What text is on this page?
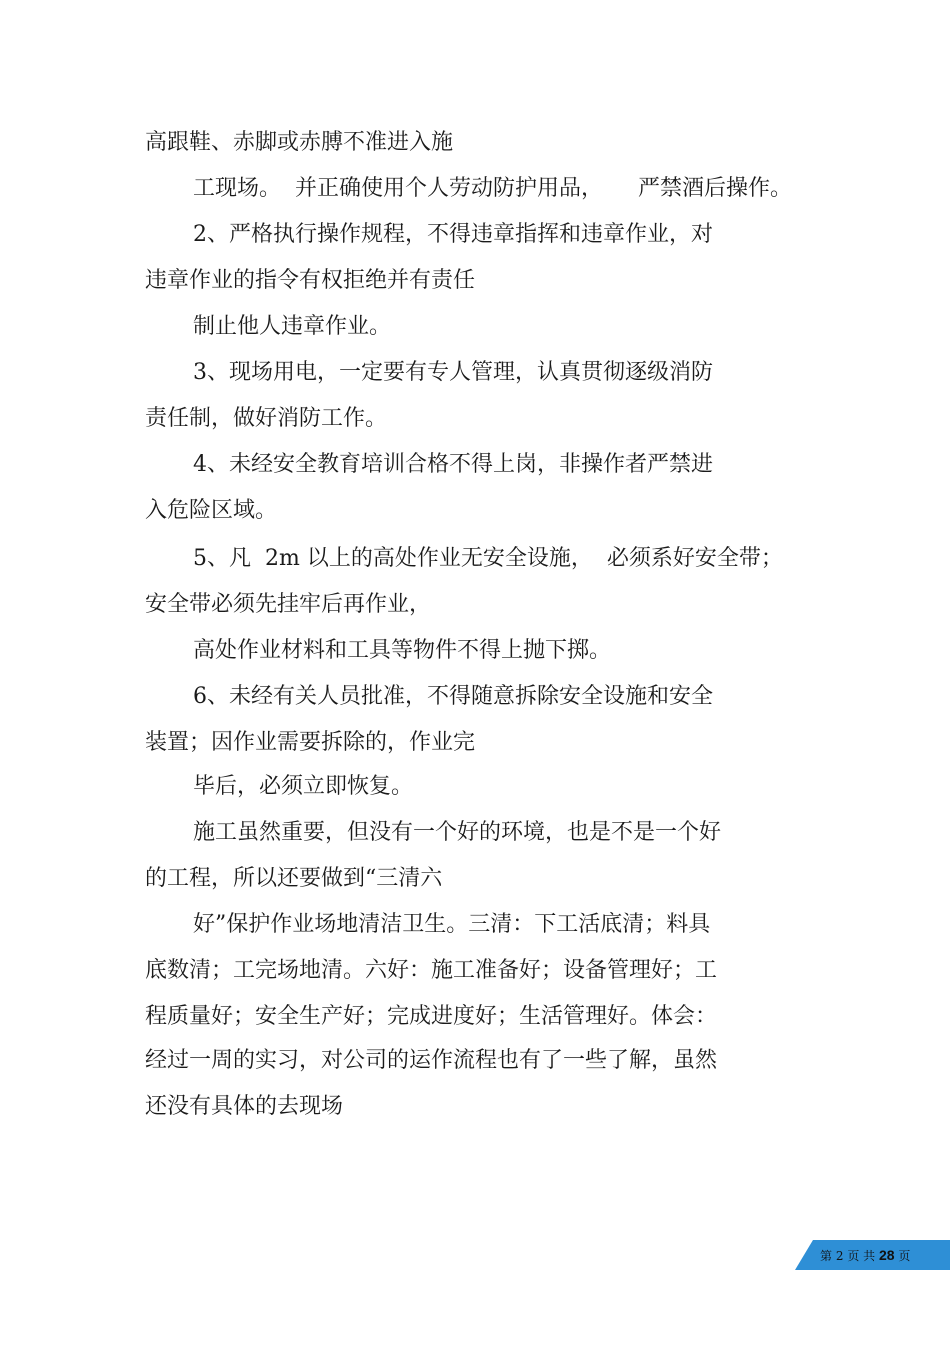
高跟鞋、赤脚或赤膊不准进入施
工现场。  并正确使用个人劳动防护用品，     严禁酒后操作。
2、严格执行操作规程，不得违章指挥和违章作业，对
违章作业的指令有权拒绝并有责任
制止他人违章作业。
3、现场用电，一定要有专人管理，认真贯彻逐级消防
责任制，做好消防工作。
4、未经安全教育培训合格不得上岗，非操作者严禁进
入危险区域。
5、凡  2m 以上的高处作业无安全设施，  必须系好安全带；
安全带必须先挂牢后再作业，
高处作业材料和工具等物件不得上抛下掷。
6、未经有关人员批准，不得随意拆除安全设施和安全
装置；因作业需要拆除的，作业完
毕后，必须立即恢复。
施工虽然重要，但没有一个好的环境，也是不是一个好
的工程，所以还要做到“三清六
好”保护作业场地清洁卫生。三清：下工活底清；料具
底数清；工完场地清。六好：施工准备好；设备管理好；工
程质量好；安全生产好；完成进度好；生活管理好。体会：
经过一周的实习，对公司的运作流程也有了一些了解，虽然
还没有具体的去现场
第 2 页 共 28 页
